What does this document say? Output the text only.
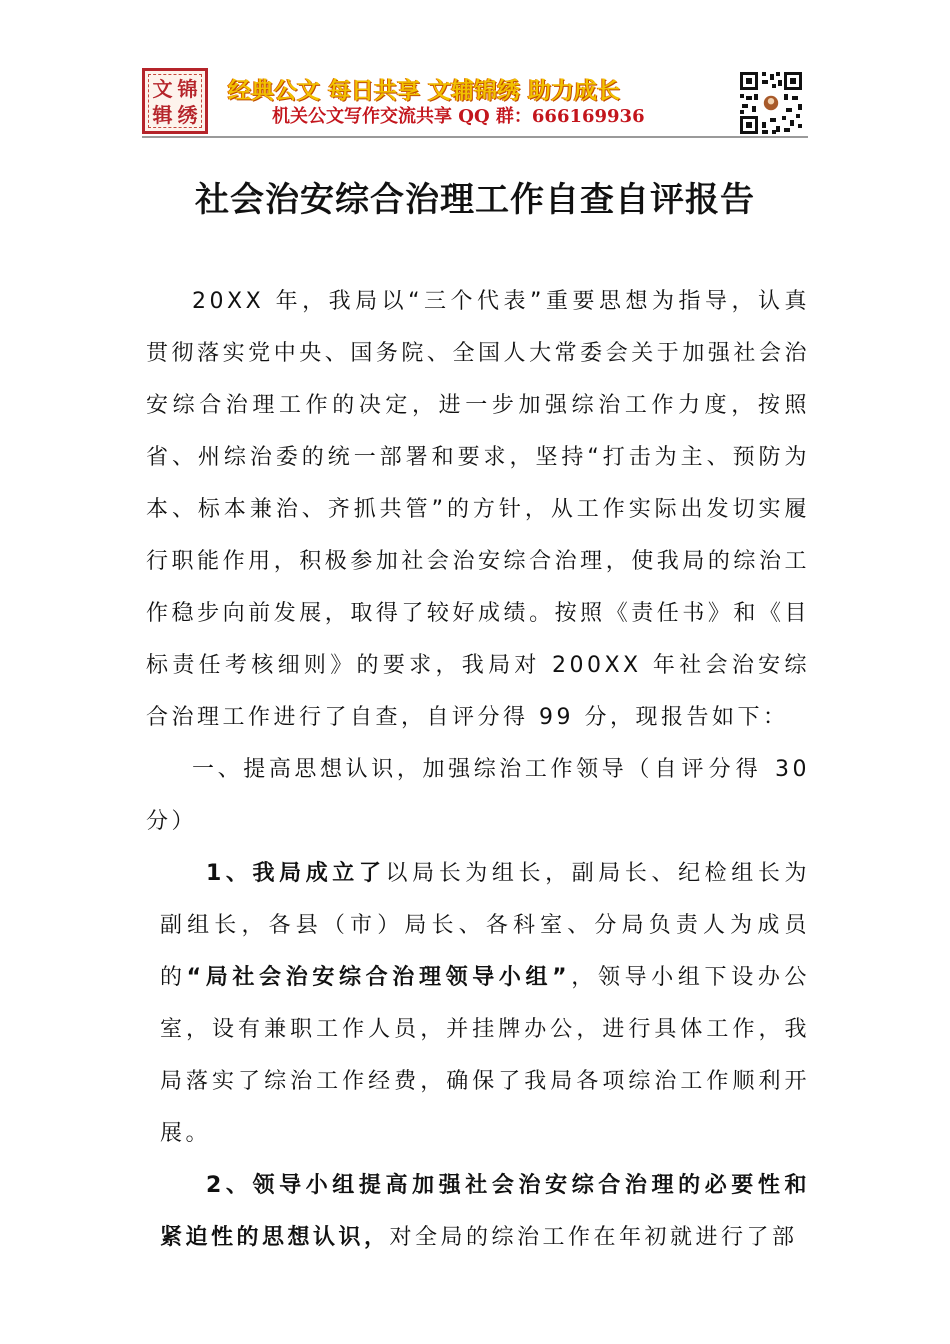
文 锦
辑 绣
经典公文 每日共享 文辅锦绣 助力成长
机关公文写作交流共享 QQ 群：666169936
社会治安综合治理工作自查自评报告

20XX 年，我局以“三个代表”重要思想为指导，认真贯彻落实党中央、国务院、全国人大常委会关于加强社会治安综合治理工作的决定，进一步加强综治工作力度，按照省、州综治委的统一部署和要求，坚持“打击为主、预防为本、标本兼治、齐抓共管”的方针，从工作实际出发切实履行职能作用，积极参加社会治安综合治理，使我局的综治工作稳步向前发展，取得了较好成绩。按照《责任书》和《目标责任考核细则》的要求，我局对 200XX 年社会治安综合治理工作进行了自查，自评分得 99 分，现报告如下：

一、提高思想认识，加强综治工作领导（自评分得 30 分）

1、我局成立了以局长为组长，副局长、纪检组长为副组长，各县（市）局长、各科室、分局负责人为成员的“局社会治安综合治理领导小组”，领导小组下设办公室，设有兼职工作人员，并挂牌办公，进行具体工作，我局落实了综治工作经费，确保了我局各项综治工作顺利开展。

2、领导小组提高加强社会治安综合治理的必要性和紧迫性的思想认识，对全局的综治工作在年初就进行了部
